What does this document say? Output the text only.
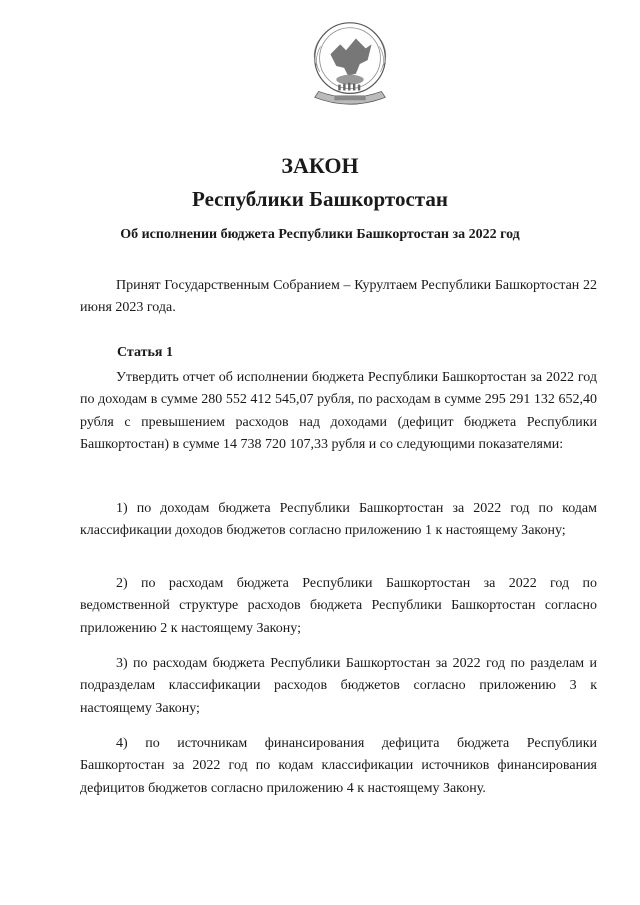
ЗАКОН
Республики Башкортостан
Об исполнении бюджета Республики Башкортостан за 2022 год

Принят Государственным Собранием – Курултаем Республики Башкортостан 22 июня 2023 года.

Статья 1

Утвердить отчет об исполнении бюджета Республики Башкортостан за 2022 год по доходам в сумме 280 552 412 545,07 рубля, по расходам в сумме 295 291 132 652,40 рубля с превышением расходов над доходами (дефицит бюджета Республики Башкортостан) в сумме 14 738 720 107,33 рубля и со следующими показателями:

1) по доходам бюджета Республики Башкортостан за 2022 год по кодам классификации доходов бюджетов согласно приложению 1 к настоящему Закону;

2) по расходам бюджета Республики Башкортостан за 2022 год по ведомственной структуре расходов бюджета Республики Башкортостан согласно приложению 2 к настоящему Закону;

3) по расходам бюджета Республики Башкортостан за 2022 год по разделам и подразделам классификации расходов бюджетов согласно приложению 3 к настоящему Закону;

4) по источникам финансирования дефицита бюджета Республики Башкортостан за 2022 год по кодам классификации источников финансирования дефицитов бюджетов согласно приложению 4 к настоящему Закону.
